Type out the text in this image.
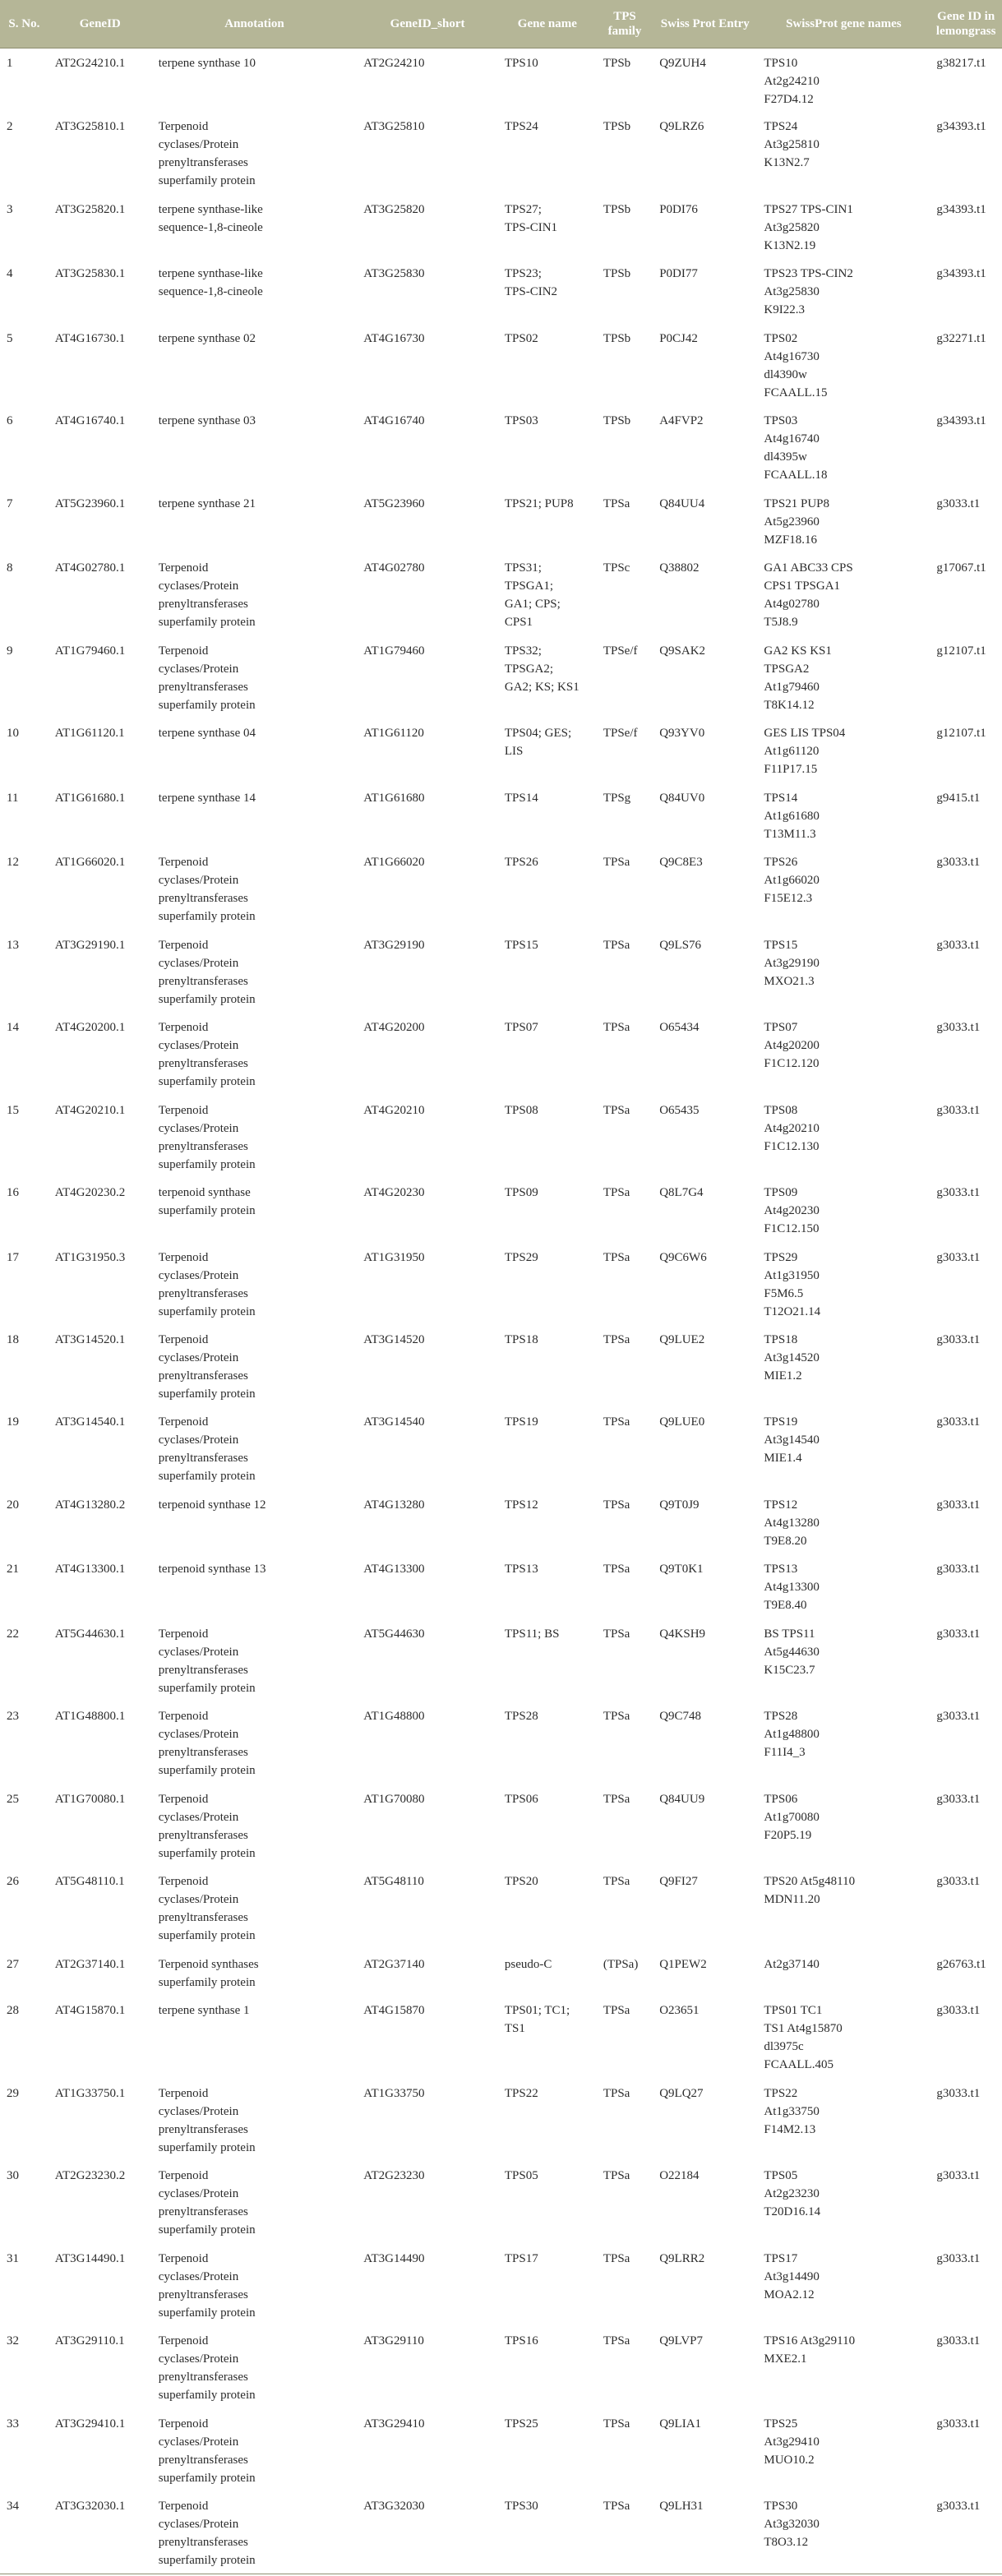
S. No.	GeneID	Annotation	GeneID_short	Gene name	TPS family	Swiss Prot Entry	SwissProt gene names	Gene ID in lemongrass
1	AT2G24210.1	terpene synthase 10	AT2G24210	TPS10	TPSb	Q9ZUH4	TPS10
At2g24210
F27D4.12	g38217.t1
2	AT3G25810.1	Terpenoid
cyclases/Protein
prenyltransferases
superfamily protein	AT3G25810	TPS24	TPSb	Q9LRZ6	TPS24
At3g25810
K13N2.7	g34393.t1
3	AT3G25820.1	terpene synthase-like
sequence-1,8-cineole	AT3G25820	TPS27;
TPS-CIN1	TPSb	P0DI76	TPS27 TPS-CIN1
At3g25820
K13N2.19	g34393.t1
4	AT3G25830.1	terpene synthase-like
sequence-1,8-cineole	AT3G25830	TPS23;
TPS-CIN2	TPSb	P0DI77	TPS23 TPS-CIN2
At3g25830
K9I22.3	g34393.t1
5	AT4G16730.1	terpene synthase 02	AT4G16730	TPS02	TPSb	P0CJ42	TPS02
At4g16730
dl4390w
FCAALL.15	g32271.t1
6	AT4G16740.1	terpene synthase 03	AT4G16740	TPS03	TPSb	A4FVP2	TPS03
At4g16740
dl4395w
FCAALL.18	g34393.t1
7	AT5G23960.1	terpene synthase 21	AT5G23960	TPS21; PUP8	TPSa	Q84UU4	TPS21 PUP8
At5g23960
MZF18.16	g3033.t1
8	AT4G02780.1	Terpenoid
cyclases/Protein
prenyltransferases
superfamily protein	AT4G02780	TPS31;
TPSGA1;
GA1; CPS;
CPS1	TPSc	Q38802	GA1 ABC33 CPS
CPS1 TPSGA1
At4g02780
T5J8.9	g17067.t1
9	AT1G79460.1	Terpenoid
cyclases/Protein
prenyltransferases
superfamily protein	AT1G79460	TPS32;
TPSGA2;
GA2; KS; KS1	TPSe/f	Q9SAK2	GA2 KS KS1
TPSGA2
At1g79460
T8K14.12	g12107.t1
10	AT1G61120.1	terpene synthase 04	AT1G61120	TPS04; GES;
LIS	TPSe/f	Q93YV0	GES LIS TPS04
At1g61120
F11P17.15	g12107.t1
11	AT1G61680.1	terpene synthase 14	AT1G61680	TPS14	TPSg	Q84UV0	TPS14
At1g61680
T13M11.3	g9415.t1
12	AT1G66020.1	Terpenoid
cyclases/Protein
prenyltransferases
superfamily protein	AT1G66020	TPS26	TPSa	Q9C8E3	TPS26
At1g66020
F15E12.3	g3033.t1
13	AT3G29190.1	Terpenoid
cyclases/Protein
prenyltransferases
superfamily protein	AT3G29190	TPS15	TPSa	Q9LS76	TPS15
At3g29190
MXO21.3	g3033.t1
14	AT4G20200.1	Terpenoid
cyclases/Protein
prenyltransferases
superfamily protein	AT4G20200	TPS07	TPSa	O65434	TPS07
At4g20200
F1C12.120	g3033.t1
15	AT4G20210.1	Terpenoid
cyclases/Protein
prenyltransferases
superfamily protein	AT4G20210	TPS08	TPSa	O65435	TPS08
At4g20210
F1C12.130	g3033.t1
16	AT4G20230.2	terpenoid synthase
superfamily protein	AT4G20230	TPS09	TPSa	Q8L7G4	TPS09
At4g20230
F1C12.150	g3033.t1
17	AT1G31950.3	Terpenoid
cyclases/Protein
prenyltransferases
superfamily protein	AT1G31950	TPS29	TPSa	Q9C6W6	TPS29
At1g31950
F5M6.5
T12O21.14	g3033.t1
18	AT3G14520.1	Terpenoid
cyclases/Protein
prenyltransferases
superfamily protein	AT3G14520	TPS18	TPSa	Q9LUE2	TPS18
At3g14520
MIE1.2	g3033.t1
19	AT3G14540.1	Terpenoid
cyclases/Protein
prenyltransferases
superfamily protein	AT3G14540	TPS19	TPSa	Q9LUE0	TPS19
At3g14540
MIE1.4	g3033.t1
20	AT4G13280.2	terpenoid synthase 12	AT4G13280	TPS12	TPSa	Q9T0J9	TPS12
At4g13280
T9E8.20	g3033.t1
21	AT4G13300.1	terpenoid synthase 13	AT4G13300	TPS13	TPSa	Q9T0K1	TPS13
At4g13300
T9E8.40	g3033.t1
22	AT5G44630.1	Terpenoid
cyclases/Protein
prenyltransferases
superfamily protein	AT5G44630	TPS11; BS	TPSa	Q4KSH9	BS TPS11
At5g44630
K15C23.7	g3033.t1
23	AT1G48800.1	Terpenoid
cyclases/Protein
prenyltransferases
superfamily protein	AT1G48800	TPS28	TPSa	Q9C748	TPS28
At1g48800
F11I4_3	g3033.t1
25	AT1G70080.1	Terpenoid
cyclases/Protein
prenyltransferases
superfamily protein	AT1G70080	TPS06	TPSa	Q84UU9	TPS06
At1g70080
F20P5.19	g3033.t1
26	AT5G48110.1	Terpenoid
cyclases/Protein
prenyltransferases
superfamily protein	AT5G48110	TPS20	TPSa	Q9FI27	TPS20 At5g48110
MDN11.20	g3033.t1
27	AT2G37140.1	Terpenoid synthases
superfamily protein	AT2G37140	pseudo-C	(TPSa)	Q1PEW2	At2g37140	g26763.t1
28	AT4G15870.1	terpene synthase 1	AT4G15870	TPS01; TC1;
TS1	TPSa	O23651	TPS01 TC1
TS1 At4g15870
dl3975c
FCAALL.405	g3033.t1
29	AT1G33750.1	Terpenoid
cyclases/Protein
prenyltransferases
superfamily protein	AT1G33750	TPS22	TPSa	Q9LQ27	TPS22
At1g33750
F14M2.13	g3033.t1
30	AT2G23230.2	Terpenoid
cyclases/Protein
prenyltransferases
superfamily protein	AT2G23230	TPS05	TPSa	O22184	TPS05
At2g23230
T20D16.14	g3033.t1
31	AT3G14490.1	Terpenoid
cyclases/Protein
prenyltransferases
superfamily protein	AT3G14490	TPS17	TPSa	Q9LRR2	TPS17
At3g14490
MOA2.12	g3033.t1
32	AT3G29110.1	Terpenoid
cyclases/Protein
prenyltransferases
superfamily protein	AT3G29110	TPS16	TPSa	Q9LVP7	TPS16 At3g29110
MXE2.1	g3033.t1
33	AT3G29410.1	Terpenoid
cyclases/Protein
prenyltransferases
superfamily protein	AT3G29410	TPS25	TPSa	Q9LIA1	TPS25
At3g29410
MUO10.2	g3033.t1
34	AT3G32030.1	Terpenoid
cyclases/Protein
prenyltransferases
superfamily protein	AT3G32030	TPS30	TPSa	Q9LH31	TPS30
At3g32030
T8O3.12	g3033.t1
